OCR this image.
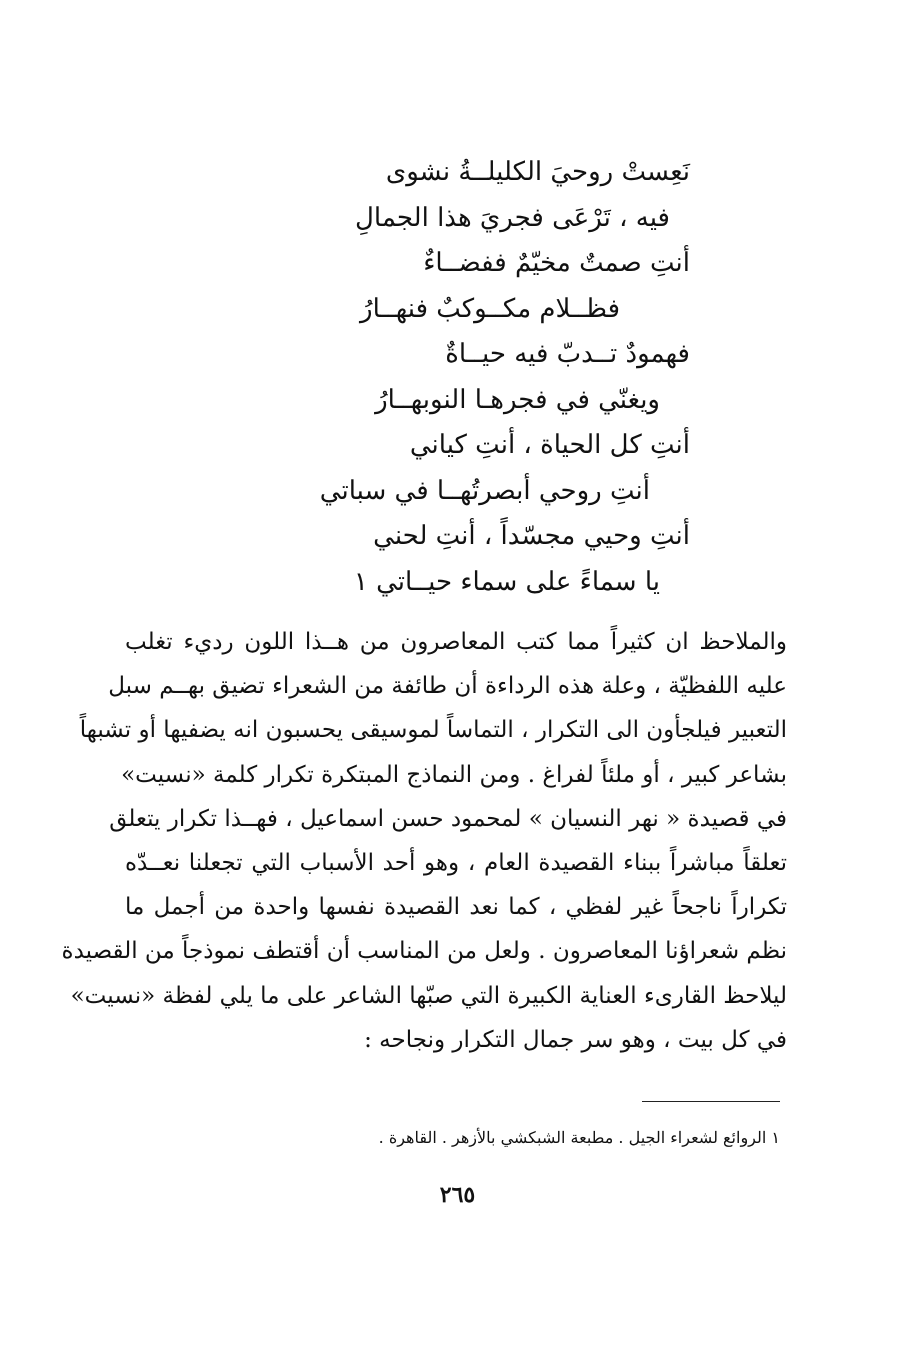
نَعِستْ روحيَ الكليلــةُ نشوى
فيه ، تَرْعَى فجريَ هذا الجمالِ
أنتِ صمتٌ مخيّمٌ ففضــاءٌ
فظــلام مكــوكبٌ فنهــارُ
فهمودٌ تــدبّ فيه حيــاةٌ
ويغنّي في فجرهـا النوبهــارُ
أنتِ كل الحياة ، أنتِ كياني
أنتِ روحي أبصرتُهــا في سباتي
أنتِ وحيي مجسّداً ، أنتِ لحني
يا سماءً على سماء حيــاتي ١
والملاحظ ان كثيراً مما كتب المعاصرون من هــذا اللون رديء تغلب
عليه اللفظيّة ، وعلة هذه الرداءة أن طائفة من الشعراء تضيق بهــم سبل
التعبير فيلجأون الى التكرار ، التماساً لموسيقى يحسبون انه يضفيها أو تشبهاً
بشاعر كبير ، أو ملئاً لفراغ . ومن النماذج المبتكرة تكرار كلمة «نسيت»
في قصيدة « نهر النسيان » لمحمود حسن اسماعيل ، فهــذا تكرار يتعلق
تعلقاً مباشراً ببناء القصيدة العام ، وهو أحد الأسباب التي تجعلنا نعــدّه
تكراراً ناجحاً غير لفظي ، كما نعد القصيدة نفسها واحدة من أجمل ما
نظم شعراؤنا المعاصرون . ولعل من المناسب أن أقتطف نموذجاً من القصيدة
ليلاحظ القارىء العناية الكبيرة التي صبّها الشاعر على ما يلي لفظة «نسيت»
في كل بيت ، وهو سر جمال التكرار ونجاحه :
١ الروائع لشعراء الجيل . مطبعة الشبكشي بالأزهر . القاهرة .
٢٦٥
